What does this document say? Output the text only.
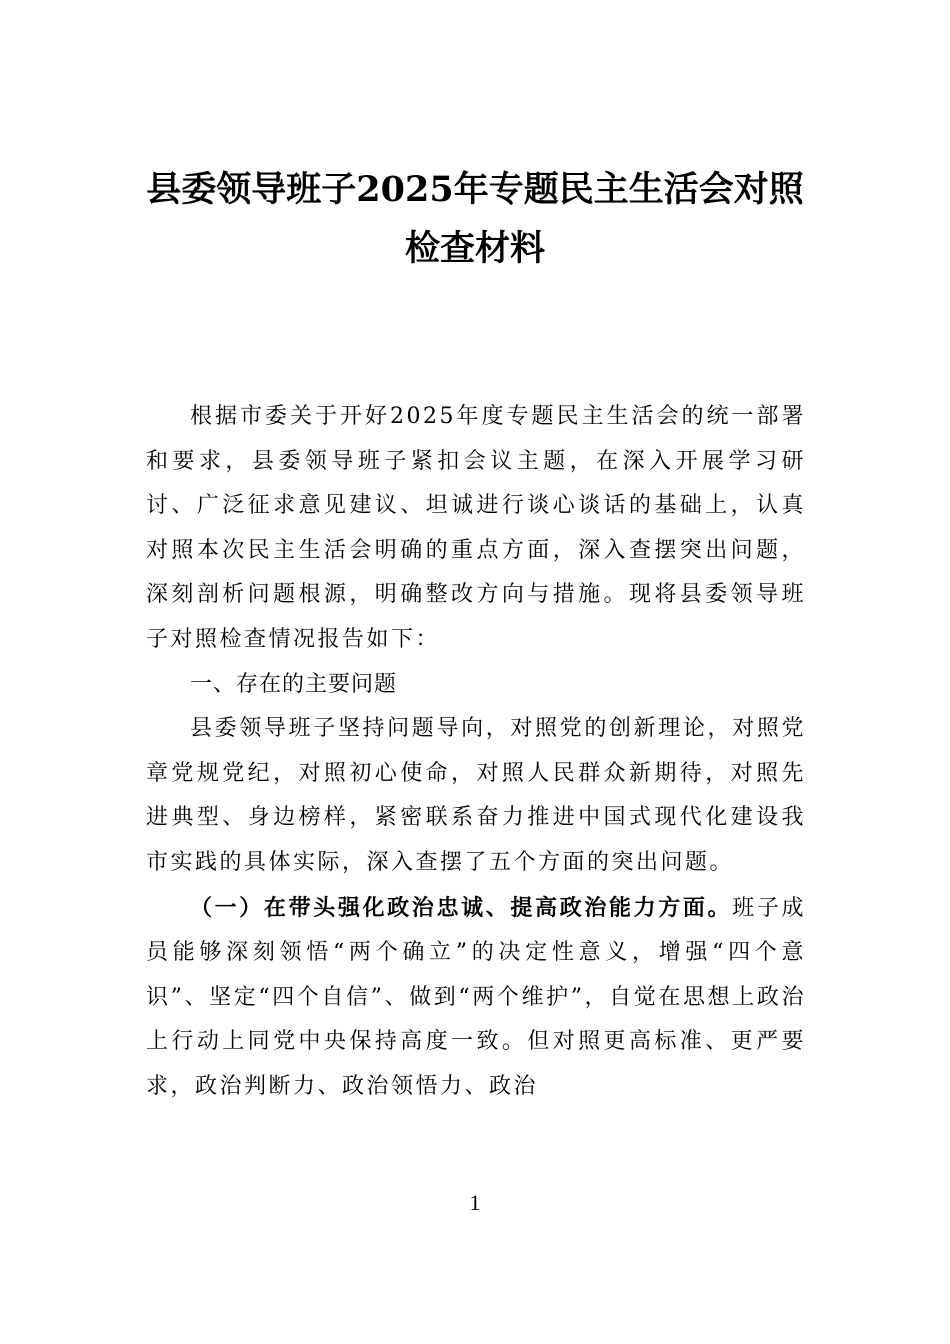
县委领导班子2025年专题民主生活会对照
检查材料

根据市委关于开好2025年度专题民主生活会的统一部署和要求，县委领导班子紧扣会议主题，在深入开展学习研讨、广泛征求意见建议、坦诚进行谈心谈话的基础上，认真对照本次民主生活会明确的重点方面，深入查摆突出问题，深刻剖析问题根源，明确整改方向与措施。现将县委领导班子对照检查情况报告如下：

一、存在的主要问题

县委领导班子坚持问题导向，对照党的创新理论，对照党章党规党纪，对照初心使命，对照人民群众新期待，对照先进典型、身边榜样，紧密联系奋力推进中国式现代化建设我市实践的具体实际，深入查摆了五个方面的突出问题。

（一）在带头强化政治忠诚、提高政治能力方面。班子成员能够深刻领悟“两个确立”的决定性意义，增强“四个意识”、坚定“四个自信”、做到“两个维护”，自觉在思想上政治上行动上同党中央保持高度一致。但对照更高标准、更严要求，政治判断力、政治领悟力、政治

1
